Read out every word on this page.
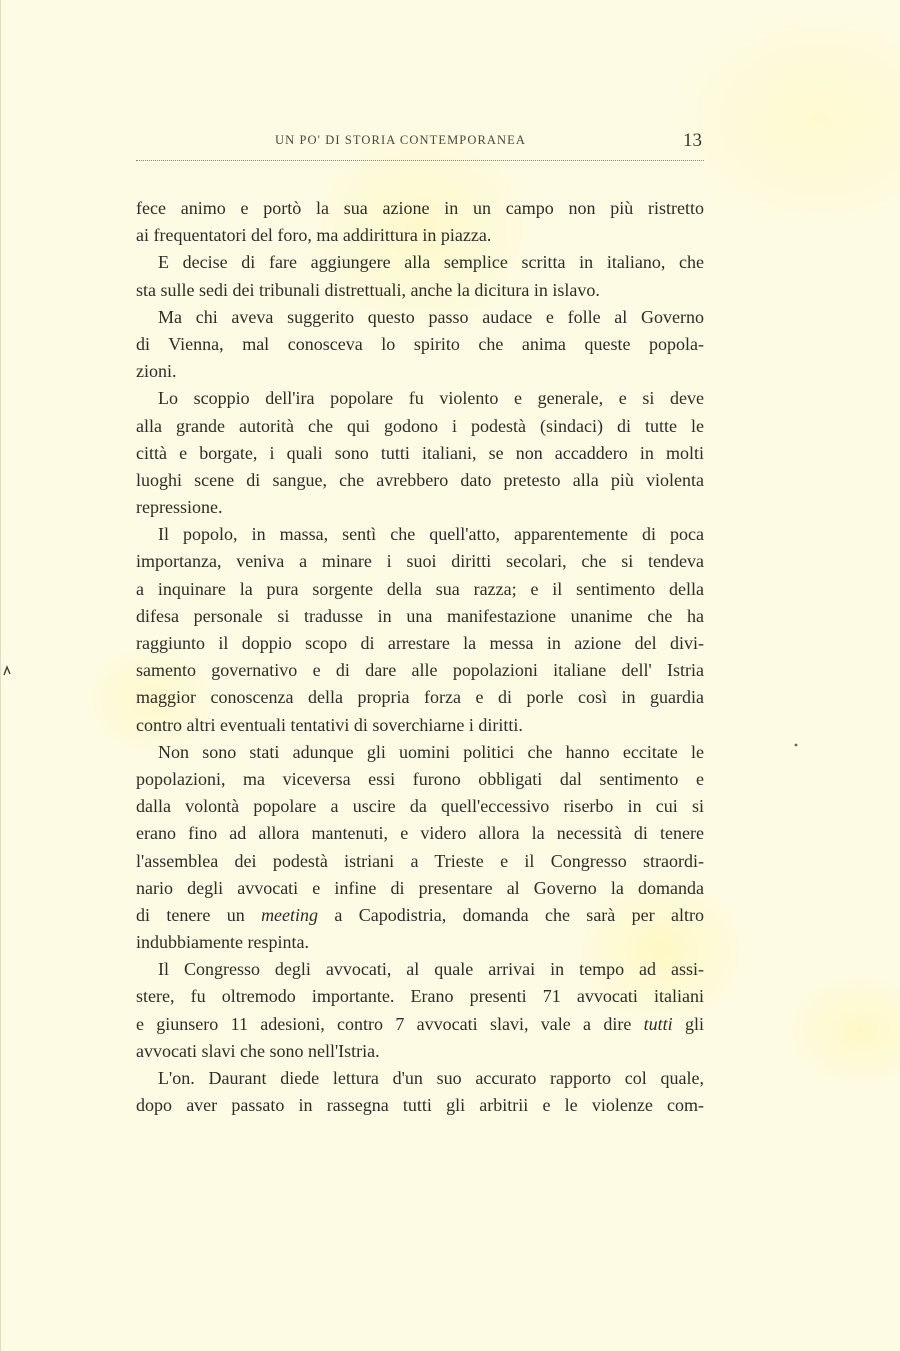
UN PO' DI STORIA CONTEMPORANEA	13
fece animo e portò la sua azione in un campo non più ristretto
ai frequentatori del foro, ma addirittura in piazza.
E decise di fare aggiungere alla semplice scritta in italiano, che
sta sulle sedi dei tribunali distrettuali, anche la dicitura in islavo.
Ma chi aveva suggerito questo passo audace e folle al Governo
di Vienna, mal conosceva lo spirito che anima queste popola-
zioni.
Lo scoppio dell'ira popolare fu violento e generale, e si deve
alla grande autorità che qui godono i podestà (sindaci) di tutte le
città e borgate, i quali sono tutti italiani, se non accaddero in molti
luoghi scene di sangue, che avrebbero dato pretesto alla più violenta
repressione.
Il popolo, in massa, sentì che quell'atto, apparentemente di poca
importanza, veniva a minare i suoi diritti secolari, che si tendeva
a inquinare la pura sorgente della sua razza; e il sentimento della
difesa personale si tradusse in una manifestazione unanime che ha
raggiunto il doppio scopo di arrestare la messa in azione del divi-
samento governativo e di dare alle popolazioni italiane dell' Istria
maggior conoscenza della propria forza e di porle così in guardia
contro altri eventuali tentativi di soverchiarne i diritti.
Non sono stati adunque gli uomini politici che hanno eccitate le
popolazioni, ma viceversa essi furono obbligati dal sentimento e
dalla volontà popolare a uscire da quell'eccessivo riserbo in cui si
erano fino ad allora mantenuti, e videro allora la necessità di tenere
l'assemblea dei podestà istriani a Trieste e il Congresso straordi-
nario degli avvocati e infine di presentare al Governo la domanda
di tenere un meeting a Capodistria, domanda che sarà per altro
indubbiamente respinta.
Il Congresso degli avvocati, al quale arrivai in tempo ad assi-
stere, fu oltremodo importante. Erano presenti 71 avvocati italiani
e giunsero 11 adesioni, contro 7 avvocati slavi, vale a dire tutti gli
avvocati slavi che sono nell'Istria.
L'on. Daurant diede lettura d'un suo accurato rapporto col quale,
dopo aver passato in rassegna tutti gli arbitrii e le violenze com-
